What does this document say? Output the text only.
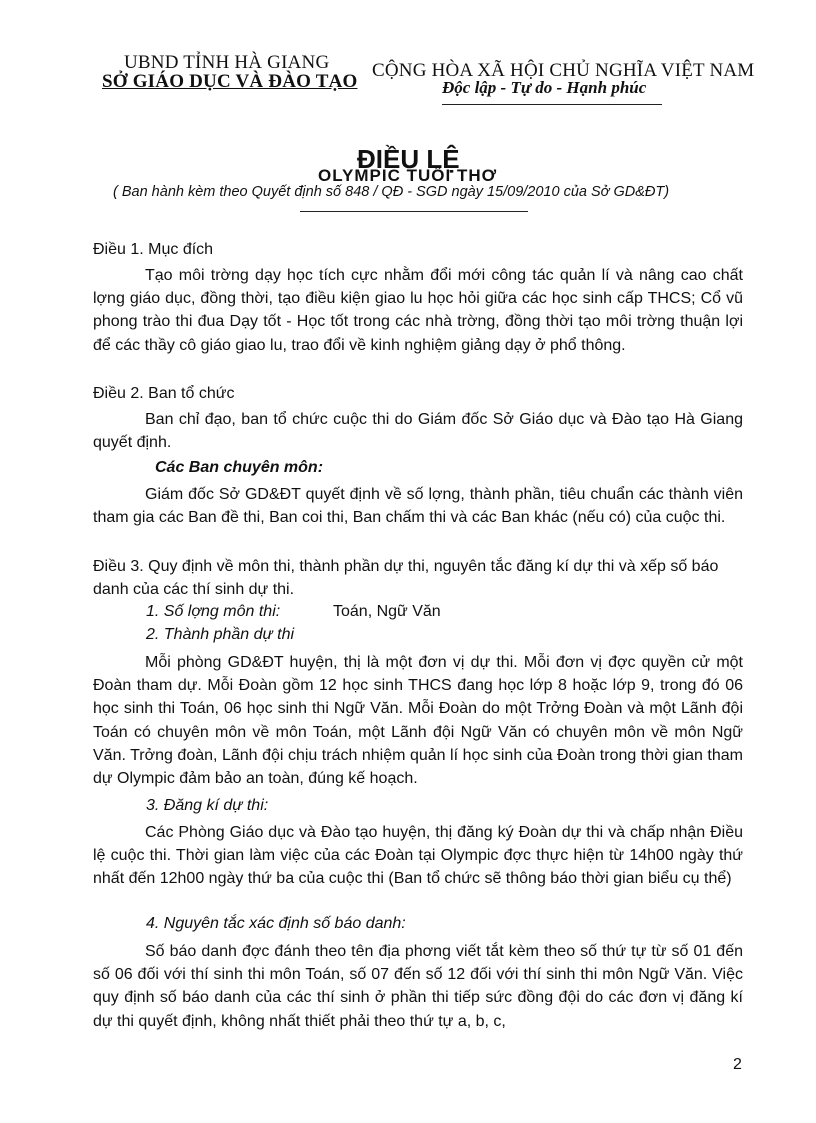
UBND TỈNH HÀ GIANG
SỞ GIÁO DỤC VÀ ĐÀO TẠO
CỘNG HÒA XÃ HỘI CHỦ NGHĨA VIỆT NAM
Độc lập - Tự do - Hạnh phúc
ĐIỀU LỆ
OLYMPIC TUỔI THƠ
( Ban hành kèm theo Quyết định số 848 / QĐ - SGD ngày 15/09/2010 của Sở GD&ĐT)
Điều 1. Mục đích
Tạo môi trờng dạy học tích cực nhằm đổi mới công tác quản lí và nâng cao chất lợng giáo dục, đồng thời, tạo điều kiện giao lu học hỏi giữa các học sinh cấp THCS; Cổ vũ phong trào thi đua Dạy tốt - Học tốt trong các nhà trờng, đồng thời tạo môi trờng thuận lợi để các thầy cô giáo giao lu, trao đổi về kinh nghiệm giảng dạy ở phổ thông.
Điều 2. Ban tổ chức
Ban chỉ đạo, ban tổ chức cuộc thi do Giám đốc Sở Giáo dục và Đào tạo Hà Giang quyết định.
Các Ban chuyên môn:
Giám đốc Sở GD&ĐT quyết định về số lợng, thành phần, tiêu chuẩn các thành viên tham gia các Ban đề thi, Ban coi thi, Ban chấm thi và các Ban khác (nếu có) của cuộc thi.
Điều 3. Quy định về môn thi, thành phần dự thi, nguyên tắc đăng kí dự thi và xếp số báo danh của các thí sinh dự thi.
1. Số lợng môn thi:	Toán, Ngữ Văn
2. Thành phần dự thi
Mỗi phòng GD&ĐT huyện, thị là một đơn vị dự thi. Mỗi đơn vị đợc quyền cử một Đoàn tham dự. Mỗi Đoàn gồm 12 học sinh THCS đang học lớp 8 hoặc lớp 9, trong đó 06 học sinh thi Toán, 06 học sinh thi Ngữ Văn. Mỗi Đoàn do một Trởng Đoàn và một Lãnh đội Toán có chuyên môn về môn Toán, một Lãnh đội Ngữ Văn có chuyên môn về môn Ngữ Văn. Trởng đoàn, Lãnh đội chịu trách nhiệm quản lí học sinh của Đoàn trong thời gian tham dự Olympic đảm bảo an toàn, đúng kế hoạch.
3. Đăng kí dự thi:
Các Phòng Giáo dục và Đào tạo huyện, thị đăng ký Đoàn dự thi và chấp nhận Điều lệ cuộc thi. Thời gian làm việc của các Đoàn tại Olympic đợc thực hiện từ 14h00 ngày thứ nhất đến 12h00 ngày thứ ba của cuộc thi (Ban tổ chức sẽ thông báo thời gian biểu cụ thể)
4. Nguyên tắc xác định số báo danh:
Số báo danh đợc đánh theo tên địa phơng viết tắt kèm theo số thứ tự từ số 01 đến số 06 đối với thí sinh thi môn Toán, số 07 đến số 12 đối với thí sinh thi môn Ngữ Văn. Việc quy định số báo danh của các thí sinh ở phần thi tiếp sức đồng đội do các đơn vị đăng kí dự thi quyết định, không nhất thiết phải theo thứ tự a, b, c,
2
